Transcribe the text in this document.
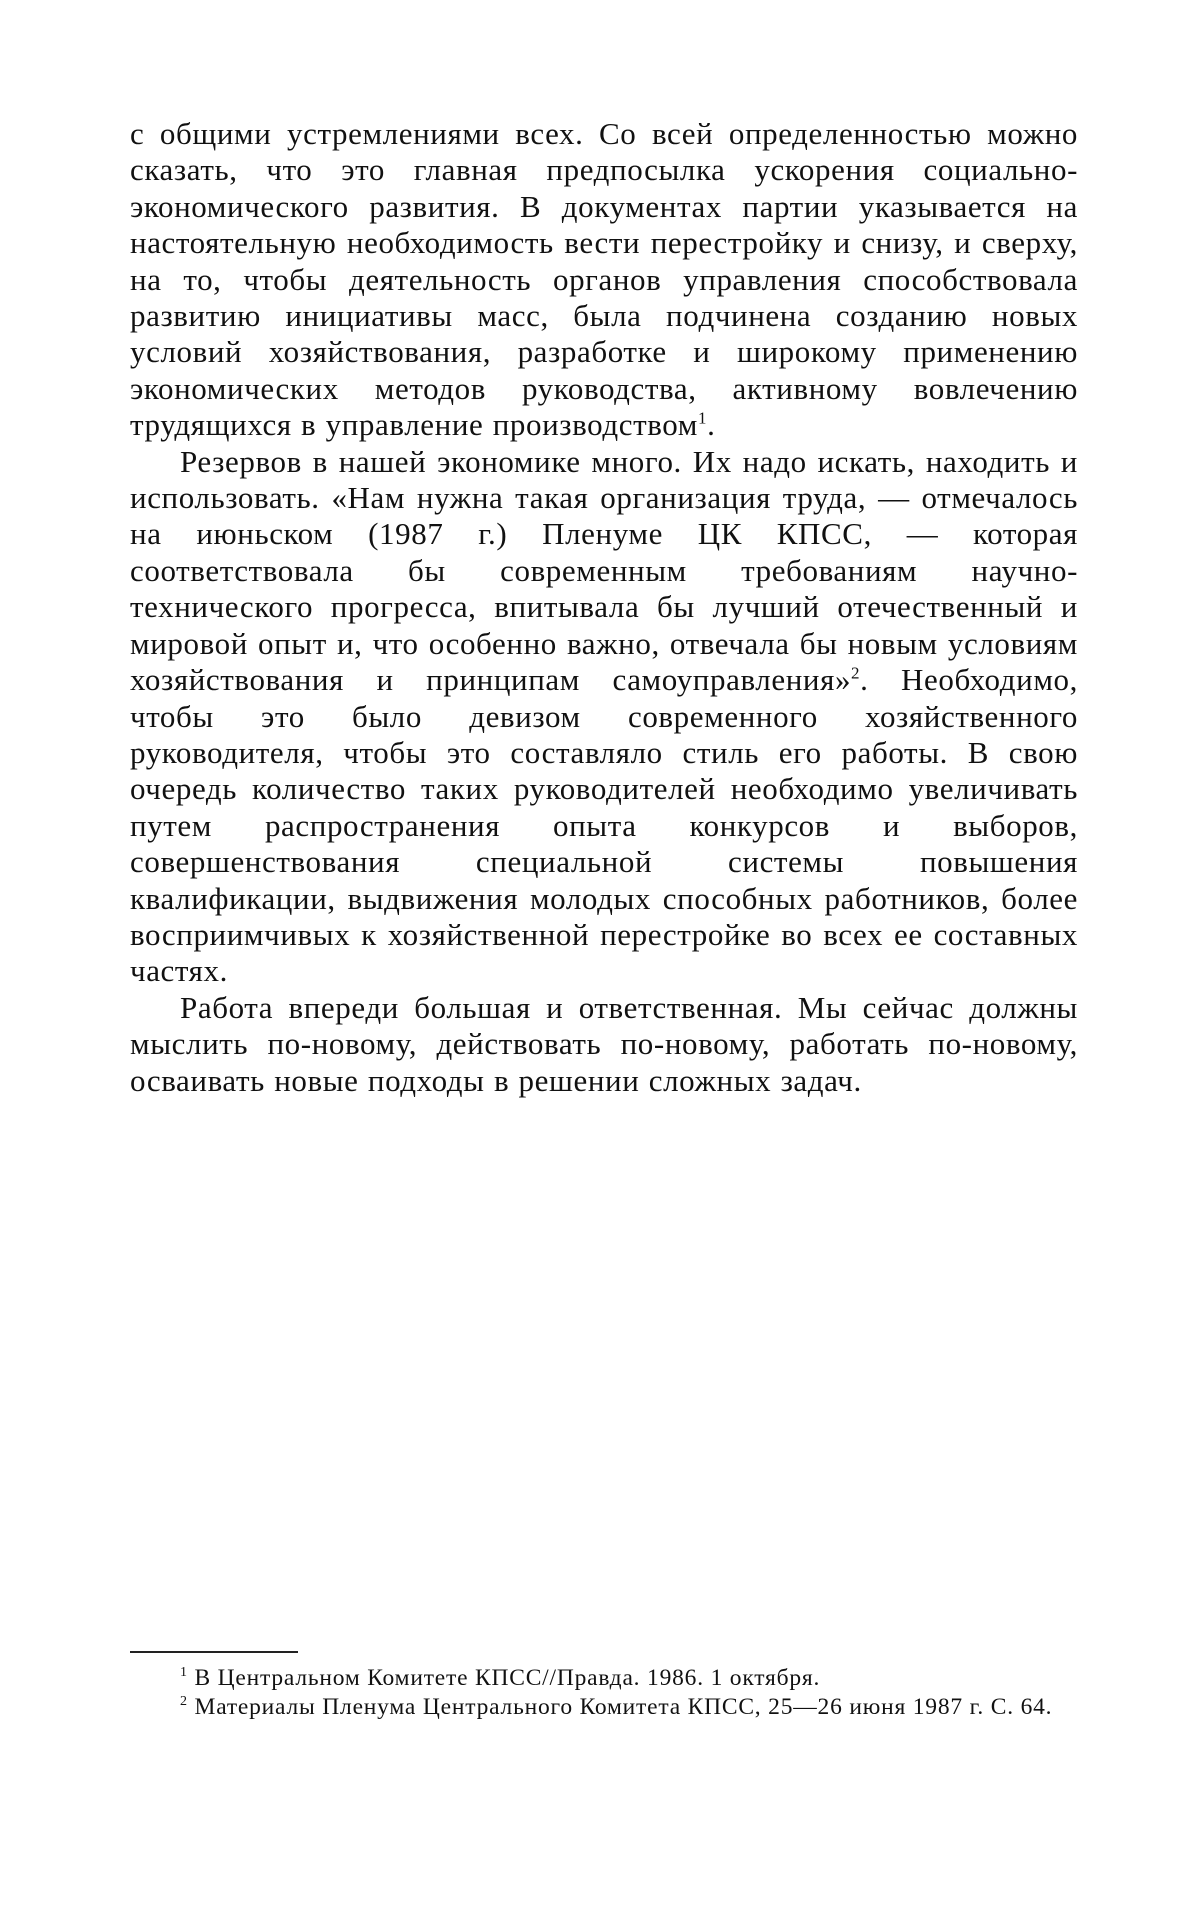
с общими устремлениями всех. Со всей определенностью можно сказать, что это главная предпосылка ускорения социально-экономического развития. В документах партии указывается на настоятельную необходимость вести перестройку и снизу, и сверху, на то, чтобы деятельность органов управления способствовала развитию инициативы масс, была подчинена созданию новых условий хозяйствования, разработке и широкому применению экономических методов руководства, активному вовлечению трудящихся в управление производством$^1$.

Резервов в нашей экономике много. Их надо искать, находить и использовать. «Нам нужна такая организация труда, — отмечалось на июньском (1987 г.) Пленуме ЦК КПСС, — которая соответствовала бы современным требованиям научно-технического прогресса, впитывала бы лучший отечественный и мировой опыт и, что особенно важно, отвечала бы новым условиям хозяйствования и принципам самоуправления»$^2$. Необходимо, чтобы это было девизом современного хозяйственного руководителя, чтобы это составляло стиль его работы. В свою очередь количество таких руководителей необходимо увеличивать путем распространения опыта конкурсов и выборов, совершенствования специальной системы повышения квалификации, выдвижения молодых способных работников, более восприимчивых к хозяйственной перестройке во всех ее составных частях.

Работа впереди большая и ответственная. Мы сейчас должны мыслить по-новому, действовать по-новому, работать по-новому, осваивать новые подходы в решении сложных задач.

$^1$ В Центральном Комитете КПСС//Правда. 1986. 1 октября.

$^2$ Материалы Пленума Центрального Комитета КПСС, 25—26 июня 1987 г. С. 64.
